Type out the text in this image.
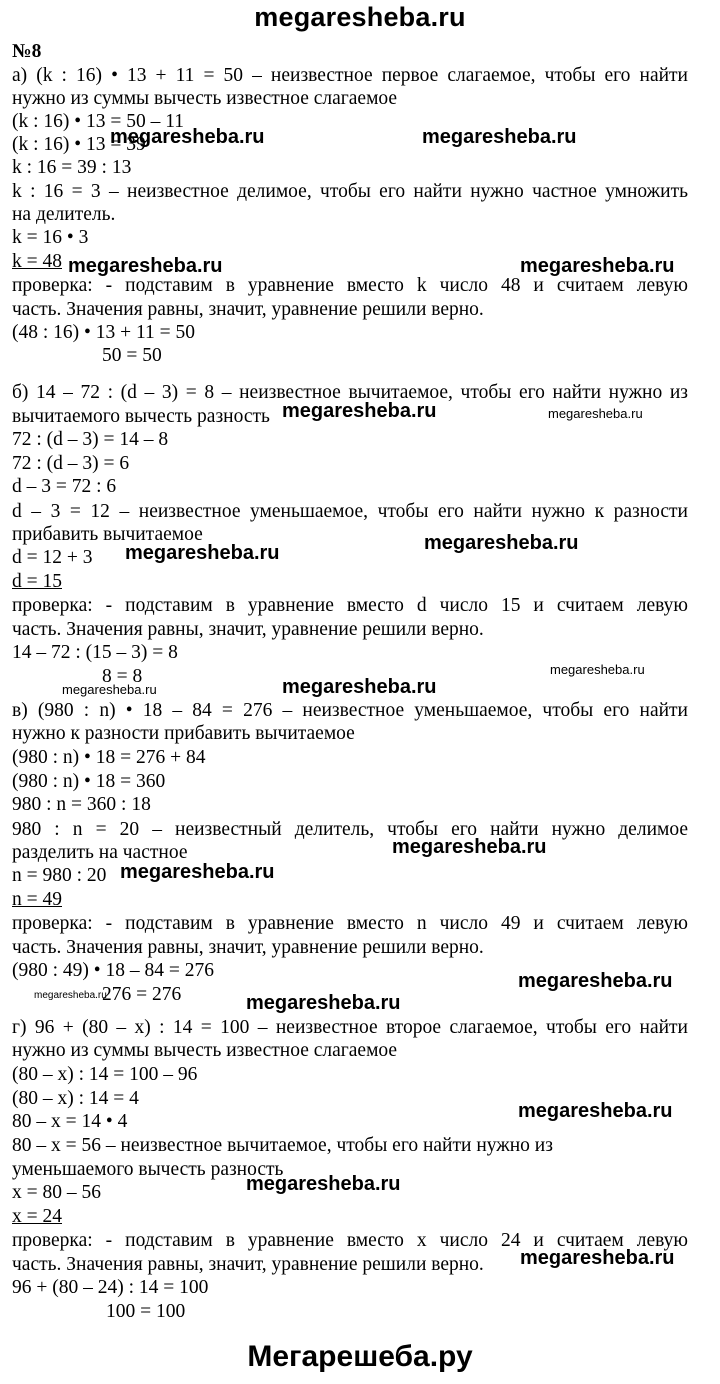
megaresheba.ru
№8
а) (k : 16) • 13 + 11 = 50 – неизвестное первое слагаемое, чтобы его найти
нужно из суммы вычесть известное слагаемое
(k : 16) • 13 = 50 – 11
(k : 16) • 13 = 39
k : 16 = 39 : 13
k : 16 = 3 – неизвестное делимое, чтобы его найти нужно частное умножить
на делитель.
k = 16 • 3
k = 48
проверка: - подставим в уравнение вместо k число 48 и считаем левую
часть. Значения равны, значит, уравнение решили верно.
(48 : 16) • 13 + 11 = 50
50 = 50
б) 14 – 72 : (d – 3) = 8 – неизвестное вычитаемое, чтобы его найти нужно из
вычитаемого вычесть разность
72 : (d – 3) = 14 – 8
72 : (d – 3) = 6
d – 3 = 72 : 6
d – 3 = 12 – неизвестное уменьшаемое, чтобы его найти нужно к разности
прибавить вычитаемое
d = 12 + 3
d = 15
проверка: - подставим в уравнение вместо d число 15 и считаем левую
часть. Значения равны, значит, уравнение решили верно.
14 – 72 : (15 – 3) = 8
8 = 8
в) (980 : n) • 18 – 84 = 276 – неизвестное уменьшаемое, чтобы его найти
нужно к разности прибавить вычитаемое
(980 : n) • 18 = 276 + 84
(980 : n) • 18 = 360
980 : n = 360 : 18
980 : n = 20 – неизвестный делитель, чтобы его найти нужно делимое
разделить на частное
n = 980 : 20
n = 49
проверка: - подставим в уравнение вместо n число 49 и считаем левую
часть. Значения равны, значит, уравнение решили верно.
(980 : 49) • 18 – 84 = 276
276 = 276
г) 96 + (80 – x) : 14 = 100 – неизвестное второе слагаемое, чтобы его найти
нужно из суммы вычесть известное слагаемое
(80 – x) : 14 = 100 – 96
(80 – x) : 14 = 4
80 – x = 14 • 4
80 – x = 56 – неизвестное вычитаемое, чтобы его найти нужно из
уменьшаемого вычесть разность
x = 80 – 56
x = 24
проверка: - подставим в уравнение вместо x число 24 и считаем левую
часть. Значения равны, значит, уравнение решили верно.
96 + (80 – 24) : 14 = 100
100 = 100
megaresheba.ru	megaresheba.ru
megaresheba.ru	megaresheba.ru
megaresheba.ru	megaresheba.ru
megaresheba.ru	megaresheba.ru
megaresheba.ru
megaresheba.ru	megaresheba.ru
megaresheba.ru
megaresheba.ru
megaresheba.ru
megaresheba.ru	megaresheba.ru
megaresheba.ru
megaresheba.ru
megaresheba.ru
Мегарешеба.ру
